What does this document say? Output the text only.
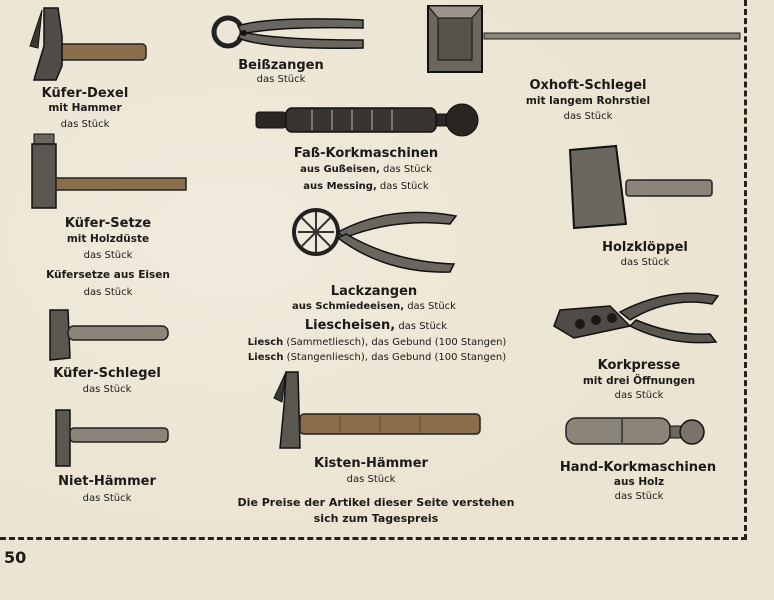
Küfer-Dexel
mit Hammer
das Stück
Beißzangen
das Stück	Oxhoft-Schlegel
mit langem Rohrstiel
das Stück
Faß-Korkmaschinen
aus Gußeisen, das Stück
aus Messing, das Stück
Küfer-Setze
mit Holzdüste
das Stück
Küfersetze aus Eisen
das Stück
Holzklöppel
das Stück
Lackzangen
aus Schmiedeeisen, das Stück
Liescheisen, das Stück
Liesch (Sammetliesch), das Gebund (100 Stangen)
Liesch (Stangenliesch), das Gebund (100 Stangen)
Korkpresse
mit drei Öffnungen
das Stück
Küfer-Schlegel
das Stück
Kisten-Hämmer
das Stück
Niet-Hämmer
das Stück
Hand-Korkmaschinen
aus Holz
das Stück
Die Preise der Artikel dieser Seite verstehen
sich zum Tagespreis
50
